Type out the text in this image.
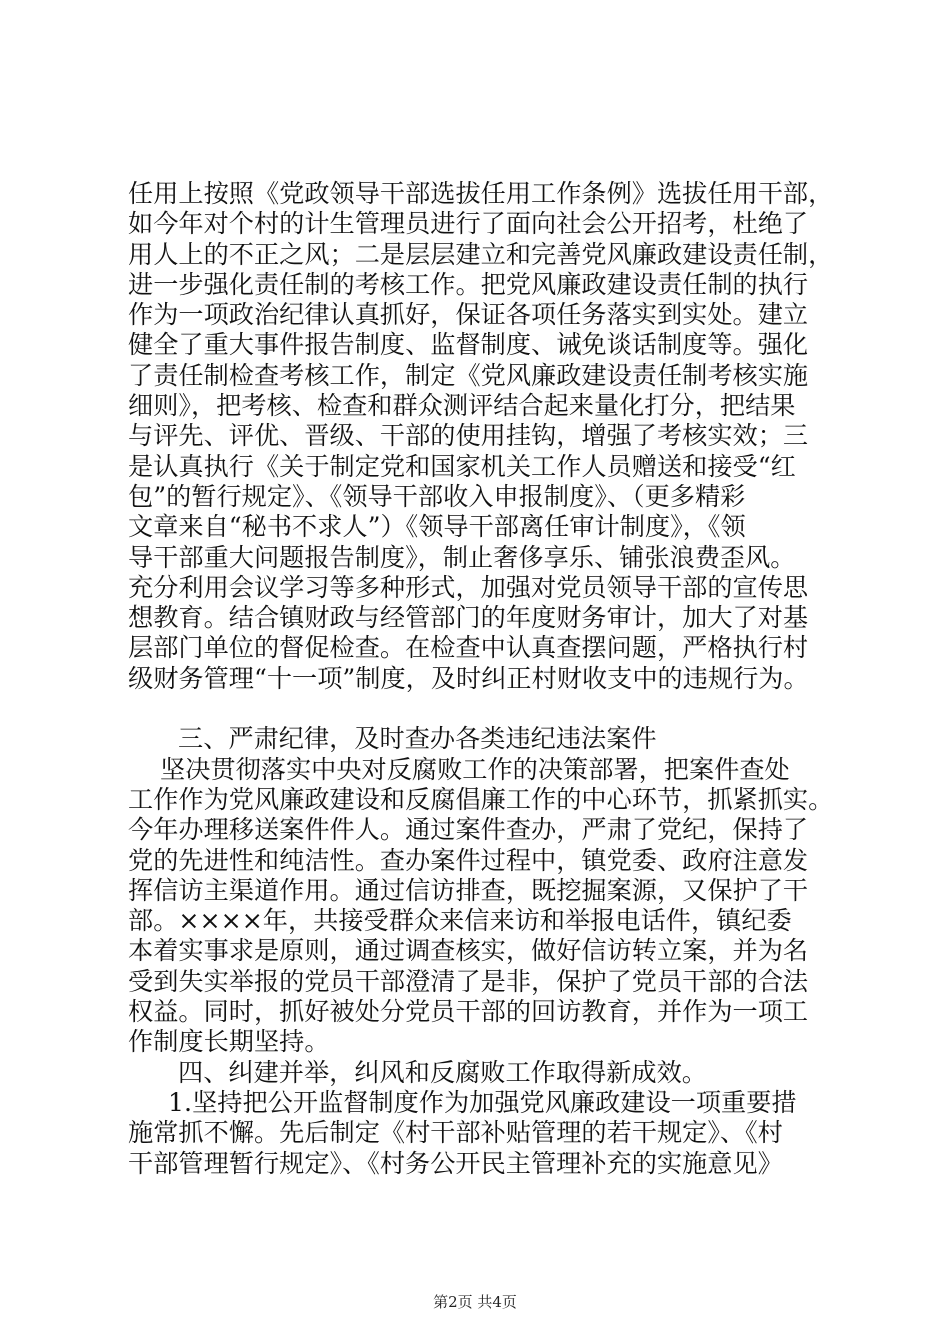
任用上按照《党政领导干部选拔任用工作条例》选拔任用干部，
如今年对个村的计生管理员进行了面向社会公开招考，杜绝了
用人上的不正之风；二是层层建立和完善党风廉政建设责任制，
进一步强化责任制的考核工作。把党风廉政建设责任制的执行
作为一项政治纪律认真抓好，保证各项任务落实到实处。建立
健全了重大事件报告制度、监督制度、诫免谈话制度等。强化
了责任制检查考核工作，制定《党风廉政建设责任制考核实施
细则》，把考核、检查和群众测评结合起来量化打分，把结果
与评先、评优、晋级、干部的使用挂钩，增强了考核实效；三
是认真执行《关于制定党和国家机关工作人员赠送和接受“红
包”的暂行规定》、《领导干部收入申报制度》、（更多精彩
文章来自“秘书不求人”）《领导干部离任审计制度》，《领
导干部重大问题报告制度》，制止奢侈享乐、铺张浪费歪风。
充分利用会议学习等多种形式，加强对党员领导干部的宣传思
想教育。结合镇财政与经管部门的年度财务审计，加大了对基
层部门单位的督促检查。在检查中认真查摆问题，严格执行村
级财务管理“十一项”制度，及时纠正村财收支中的违规行为。
三、严肃纪律，及时查办各类违纪违法案件
坚决贯彻落实中央对反腐败工作的决策部署，把案件查处
工作作为党风廉政建设和反腐倡廉工作的中心环节，抓紧抓实。
今年办理移送案件件人。通过案件查办，严肃了党纪，保持了
党的先进性和纯洁性。查办案件过程中，镇党委、政府注意发
挥信访主渠道作用。通过信访排查，既挖掘案源，又保护了干
部。××××年，共接受群众来信来访和举报电话件，镇纪委
本着实事求是原则，通过调查核实，做好信访转立案，并为名
受到失实举报的党员干部澄清了是非，保护了党员干部的合法
权益。同时，抓好被处分党员干部的回访教育，并作为一项工
作制度长期坚持。
四、纠建并举，纠风和反腐败工作取得新成效。
1.坚持把公开监督制度作为加强党风廉政建设一项重要措
施常抓不懈。先后制定《村干部补贴管理的若干规定》、《村
干部管理暂行规定》、《村务公开民主管理补充的实施意见》
第2页 共4页
